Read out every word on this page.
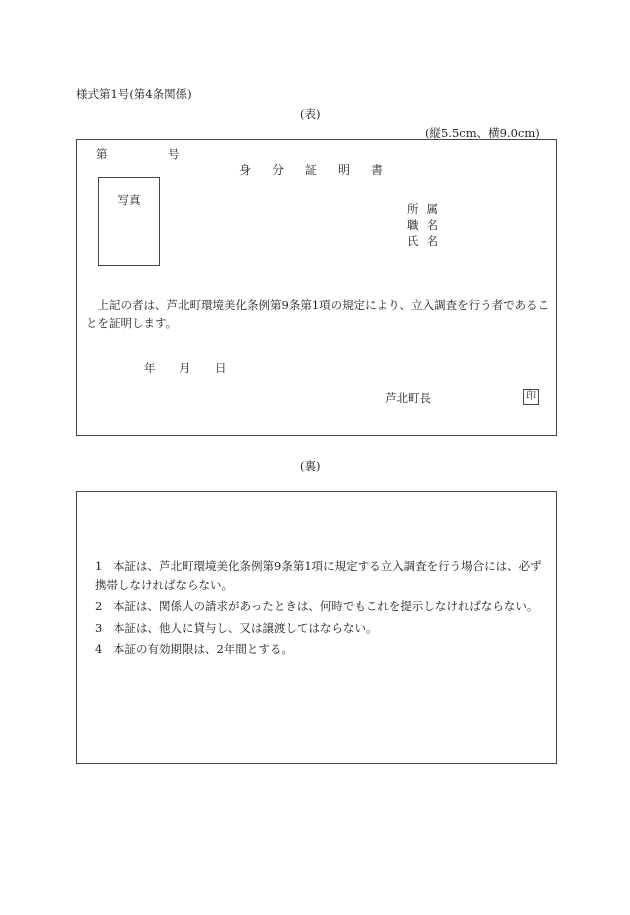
様式第1号(第4条関係)
(表)
(縦5.5cm、横9.0cm)
第	号
身分証明書
写真
所属
職名
氏名
上記の者は、芦北町環境美化条例第9条第1項の規定により、立入調査を行う者であることを証明します。
年 月 日
芦北町長	印
(裏)
1 本証は、芦北町環境美化条例第9条第1項に規定する立入調査を行う場合には、必ず携帯しなければならない。
2 本証は、関係人の請求があったときは、何時でもこれを提示しなければならない。
3 本証は、他人に貸与し、又は譲渡してはならない。
4 本証の有効期限は、2年間とする。
